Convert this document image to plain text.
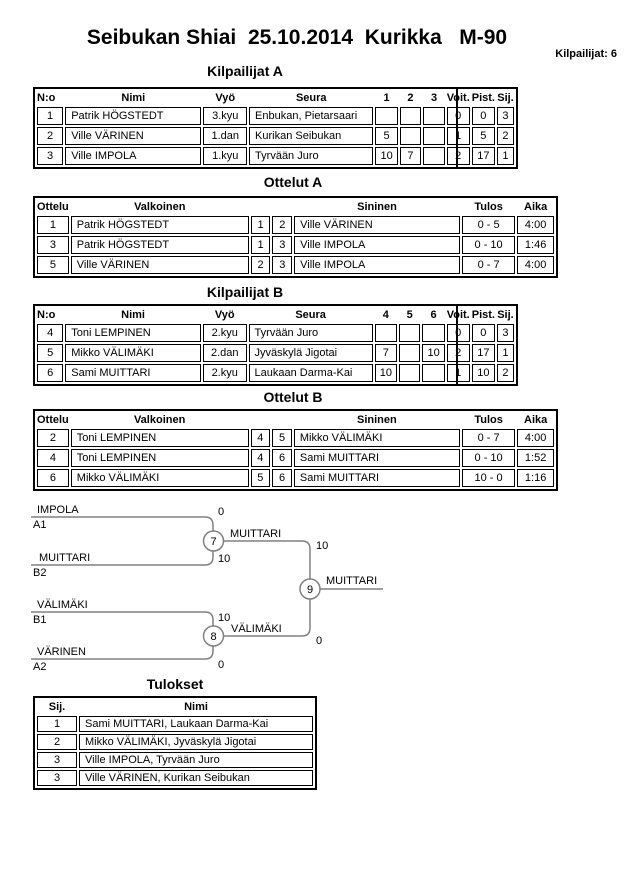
Seibukan Shiai  25.10.2014  Kurikka   M-90
Kilpailijat: 6
Kilpailijat A
N:o	Nimi	Vyö	Seura	1	2	3	Voit.	Pist.	Sij.
1	Patrik HÖGSTEDT	3.kyu	Enbukan, Pietarsaari				0	0	3
2	Ville VÄRINEN	1.dan	Kurikan Seibukan	5			1	5	2
3	Ville IMPOLA	1.kyu	Tyrvään Juro	10	7		2	17	1
Ottelut A
Ottelu	Valkoinen			Sininen	Tulos	Aika
1	Patrik HÖGSTEDT	1	2	Ville VÄRINEN	0 - 5	4:00
3	Patrik HÖGSTEDT	1	3	Ville IMPOLA	0 - 10	1:46
5	Ville VÄRINEN	2	3	Ville IMPOLA	0 - 7	4:00
Kilpailijat B
N:o	Nimi	Vyö	Seura	4	5	6	Voit.	Pist.	Sij.
4	Toni LEMPINEN	2.kyu	Tyrvään Juro				0	0	3
5	Mikko VÄLIMÄKI	2.dan	Jyväskylä Jigotai	7		10	2	17	1
6	Sami MUITTARI	2.kyu	Laukaan Darma-Kai	10			1	10	2
Ottelut B
Ottelu	Valkoinen			Sininen	Tulos	Aika
2	Toni LEMPINEN	4	5	Mikko VÄLIMÄKI	0 - 7	4:00
4	Toni LEMPINEN	4	6	Sami MUITTARI	0 - 10	1:52
6	Mikko VÄLIMÄKI	5	6	Sami MUITTARI	10 - 0	1:16
IMPOLA
A1
0
MUITTARI
B2
10
VÄLIMÄKI
B1	10
VÄRINEN
A2	0
7
MUITTARI
10
8
VÄLIMÄKI
0
9
MUITTARI
Tulokset
Sij.	Nimi
1	Sami MUITTARI, Laukaan Darma-Kai
2	Mikko VÄLIMÄKI, Jyväskylä Jigotai
3	Ville IMPOLA, Tyrvään Juro
3	Ville VÄRINEN, Kurikan Seibukan
